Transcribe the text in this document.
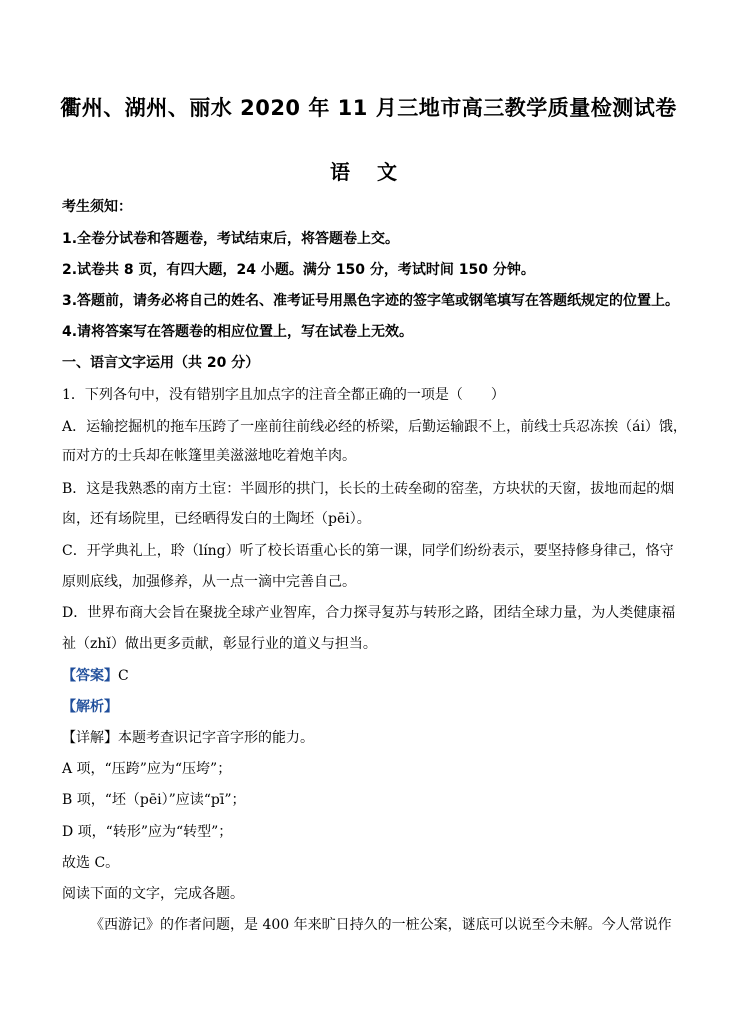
衢州、湖州、丽水 2020 年 11 月三地市高三教学质量检测试卷
语 文
考生须知：
1.全卷分试卷和答题卷，考试结束后，将答题卷上交。
2.试卷共 8 页，有四大题，24 小题。满分 150 分，考试时间 150 分钟。
3.答题前，请务必将自己的姓名、准考证号用黑色字迹的签字笔或钢笔填写在答题纸规定的位置上。
4.请将答案写在答题卷的相应位置上，写在试卷上无效。
一、语言文字运用（共 20 分）
1．下列各句中，没有错别字且加点字的注音全都正确的一项是（　　）
A．运输挖掘机的拖车压跨了一座前往前线必经的桥梁，后勤运输跟不上，前线士兵忍冻挨（ái）饿，
而对方的士兵却在帐篷里美滋滋地吃着炮羊肉。
B．这是我熟悉的南方土宦：半圆形的拱门，长长的土砖垒砌的窑垄，方块状的天窗，拔地而起的烟
囱，还有场院里，已经晒得发白的土陶坯（pēi）。
C．开学典礼上，聆（líng）听了校长语重心长的第一课，同学们纷纷表示，要坚持修身律己，恪守
原则底线，加强修养，从一点一滴中完善自己。
D．世界布商大会旨在聚拢全球产业智库，合力探寻复苏与转形之路，团结全球力量，为人类健康福
祉（zhǐ）做出更多贡献，彰显行业的道义与担当。
【答案】C
【解析】
【详解】本题考查识记字音字形的能力。
A 项，“压跨”应为“压垮”；
B 项，“坯（pēi）”应读“pī”；
D 项，“转形”应为“转型”；
故选 C。
阅读下面的文字，完成各题。
《西游记》的作者问题，是 400 年来旷日持久的一桩公案，谜底可以说至今未解。今人常说作
